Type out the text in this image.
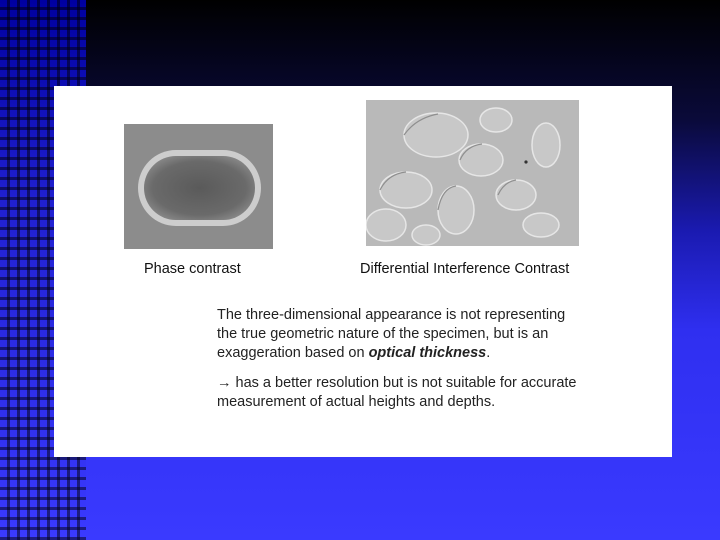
Phase contrast	Differential Interference Contrast
The three-dimensional appearance is not representing
the true geometric nature of the specimen, but is an
exaggeration based on optical thickness.
→ has a better resolution but is not suitable for accurate
measurement of actual heights and depths.
